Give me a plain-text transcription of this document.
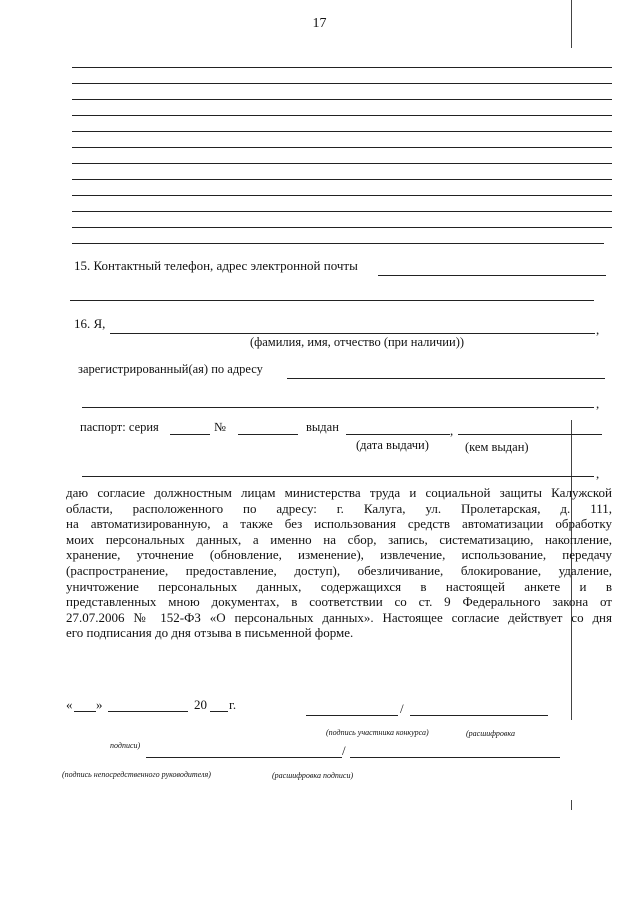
17
15. Контактный телефон, адрес электронной почты
16. Я,	,
(фамилия, имя, отчество (при наличии))
зарегистрированный(ая) по адресу
,
паспорт: серия	№	выдан	,
(дата выдачи)	(кем выдан)
,
даю согласие должностным лицам министерства труда и социальной защиты Калужской
области, расположенного по адресу: г. Калуга, ул. Пролетарская, д. 111,
на автоматизированную, а также без использования средств автоматизации обработку
моих персональных данных, а именно на сбор, запись, систематизацию, накопление,
хранение, уточнение (обновление, изменение), извлечение, использование, передачу
(распространение, предоставление, доступ), обезличивание, блокирование, удаление,
уничтожение персональных данных, содержащихся в настоящей анкете и в
представленных мною документах, в соответствии со ст. 9 Федерального закона от
27.07.2006 № 152-ФЗ «О персональных данных». Настоящее согласие действует со дня
его подписания до дня отзыва в письменной форме.
« »	20 г.	/
(подпись участника конкурса)	(расшифровка
подписи)	/
(подпись непосредственного руководителя)	(расшифровка подписи)
